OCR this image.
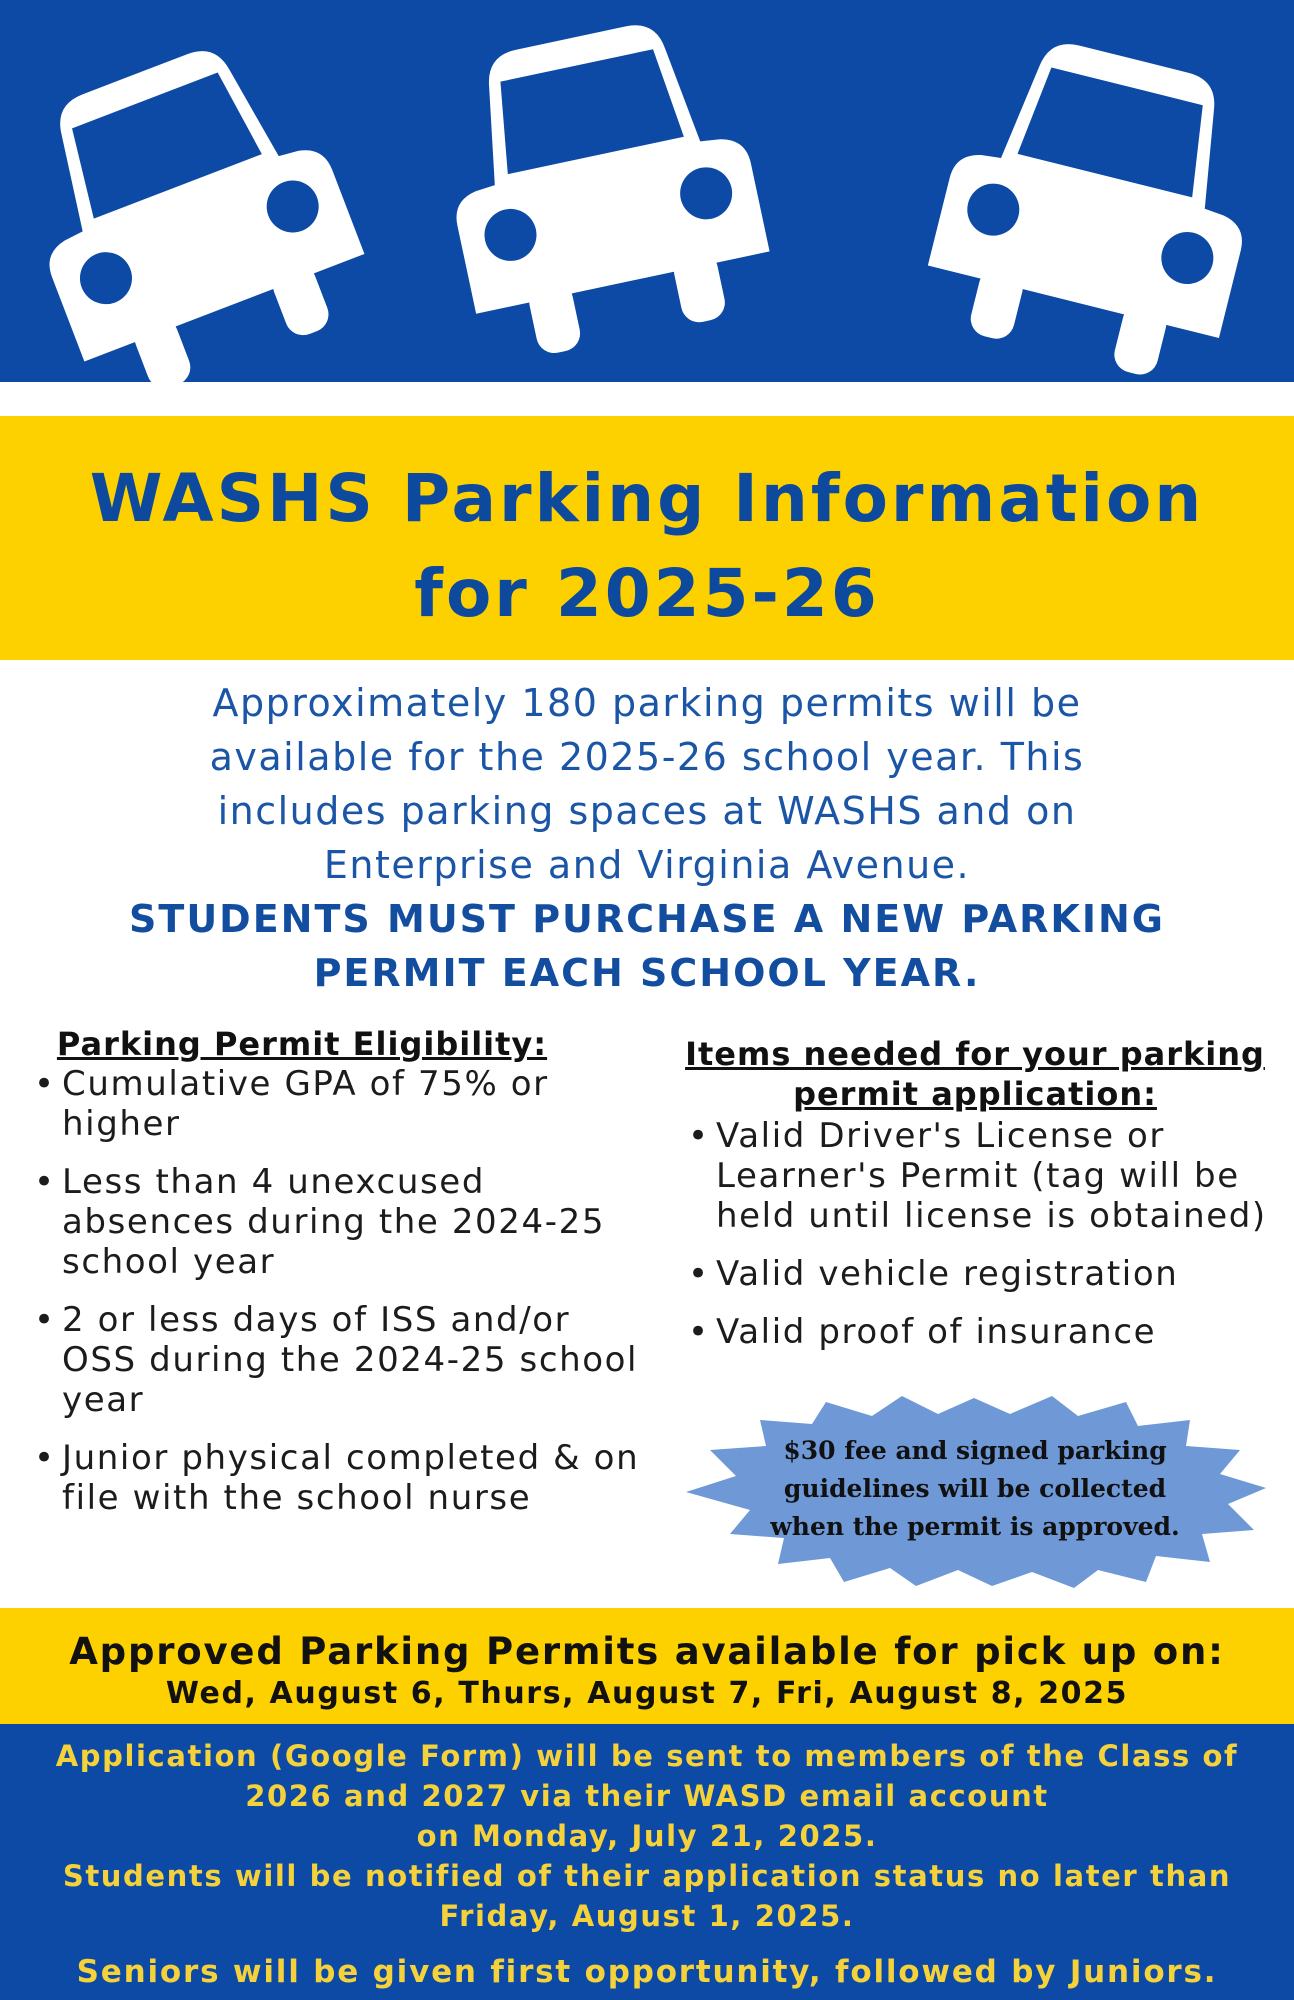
WASHS Parking Information
for 2025-26
Approximately 180 parking permits will be
available for the 2025-26 school year. This
includes parking spaces at WASHS and on
Enterprise and Virginia Avenue.
STUDENTS MUST PURCHASE A NEW PARKING
PERMIT EACH SCHOOL YEAR.
Parking Permit Eligibility:
• Cumulative GPA of 75% or higher
• Less than 4 unexcused absences during the 2024-25 school year
• 2 or less days of ISS and/or OSS during the 2024-25 school year
• Junior physical completed & on file with the school nurse
Items needed for your parking permit application:
• Valid Driver's License or Learner's Permit (tag will be held until license is obtained)
• Valid vehicle registration
• Valid proof of insurance
$30 fee and signed parking guidelines will be collected when the permit is approved.
Approved Parking Permits available for pick up on:
Wed, August 6, Thurs, August 7, Fri, August 8, 2025
Application (Google Form) will be sent to members of the Class of
2026 and 2027 via their WASD email account
on Monday, July 21, 2025.
Students will be notified of their application status no later than
Friday, August 1, 2025.
Seniors will be given first opportunity, followed by Juniors.
